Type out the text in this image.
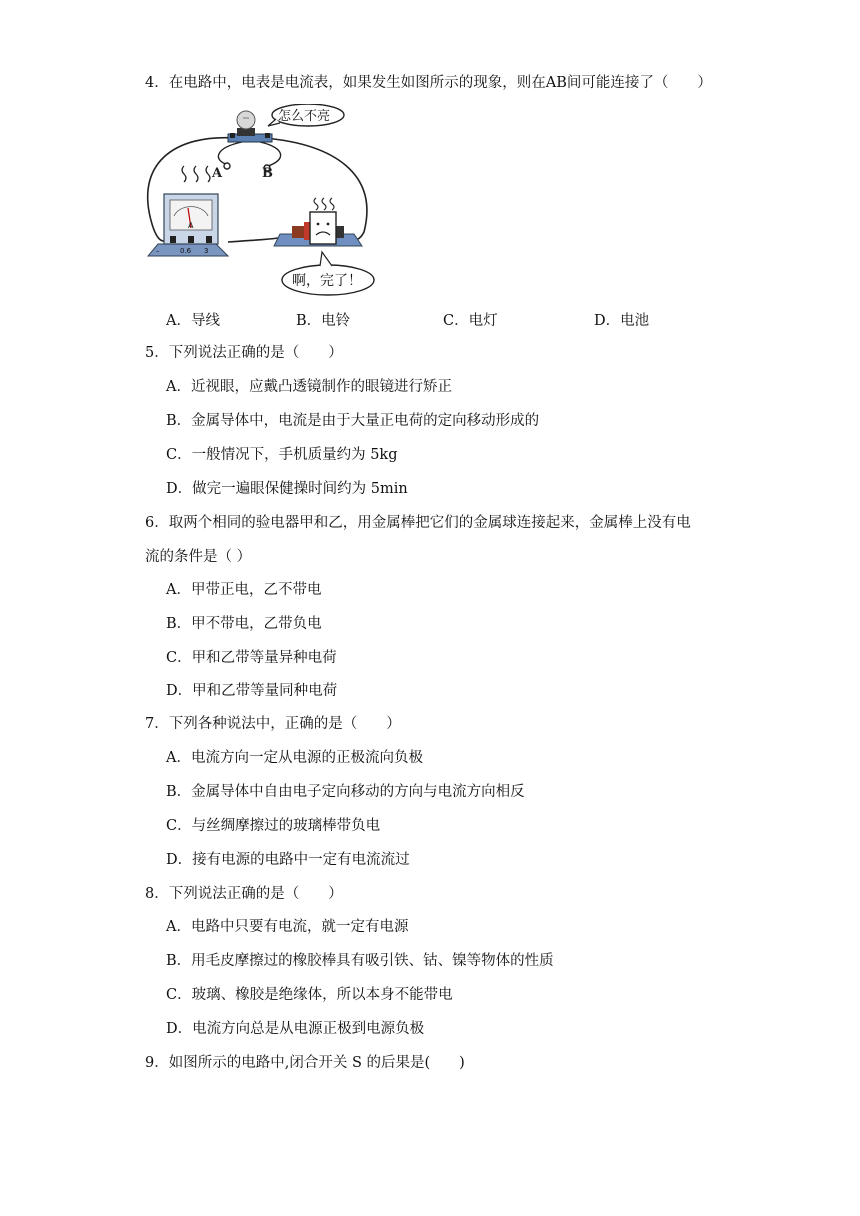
4．在电路中，电表是电流表，如果发生如图所示的现象，则在AB间可能连接了（　　）
A	B
怎么不亮
A
–	0.6 3
啊，完了！
A．导线	B．电铃	C．电灯	D．电池
5．下列说法正确的是（　　）
A．近视眼，应戴凸透镜制作的眼镜进行矫正
B．金属导体中，电流是由于大量正电荷的定向移动形成的
C．一般情况下，手机质量约为 5kg
D．做完一遍眼保健操时间约为 5min
6．取两个相同的验电器甲和乙，用金属棒把它们的金属球连接起来，金属棒上没有电
流的条件是（ ）
A．甲带正电，乙不带电
B．甲不带电，乙带负电
C．甲和乙带等量异种电荷
D．甲和乙带等量同种电荷
7．下列各种说法中，正确的是（　　）
A．电流方向一定从电源的正极流向负极
B．金属导体中自由电子定向移动的方向与电流方向相反
C．与丝绸摩擦过的玻璃棒带负电
D．接有电源的电路中一定有电流流过
8．下列说法正确的是（　　）
A．电路中只要有电流，就一定有电源
B．用毛皮摩擦过的橡胶棒具有吸引铁、钴、镍等物体的性质
C．玻璃、橡胶是绝缘体，所以本身不能带电
D．电流方向总是从电源正极到电源负极
9．如图所示的电路中,闭合开关 S 的后果是(　　)
